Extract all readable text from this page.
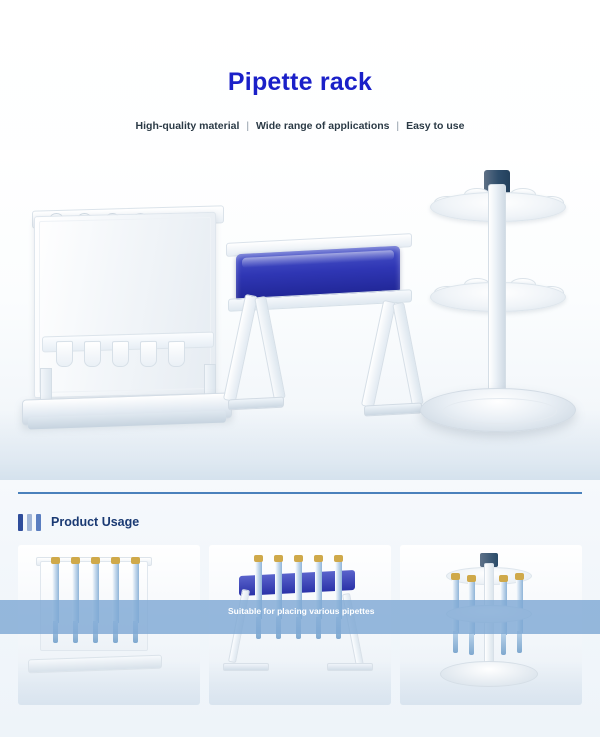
Pipette rack
High-quality material | Wide range of applications | Easy to use
Product Usage
Suitable for placing various pipettes
